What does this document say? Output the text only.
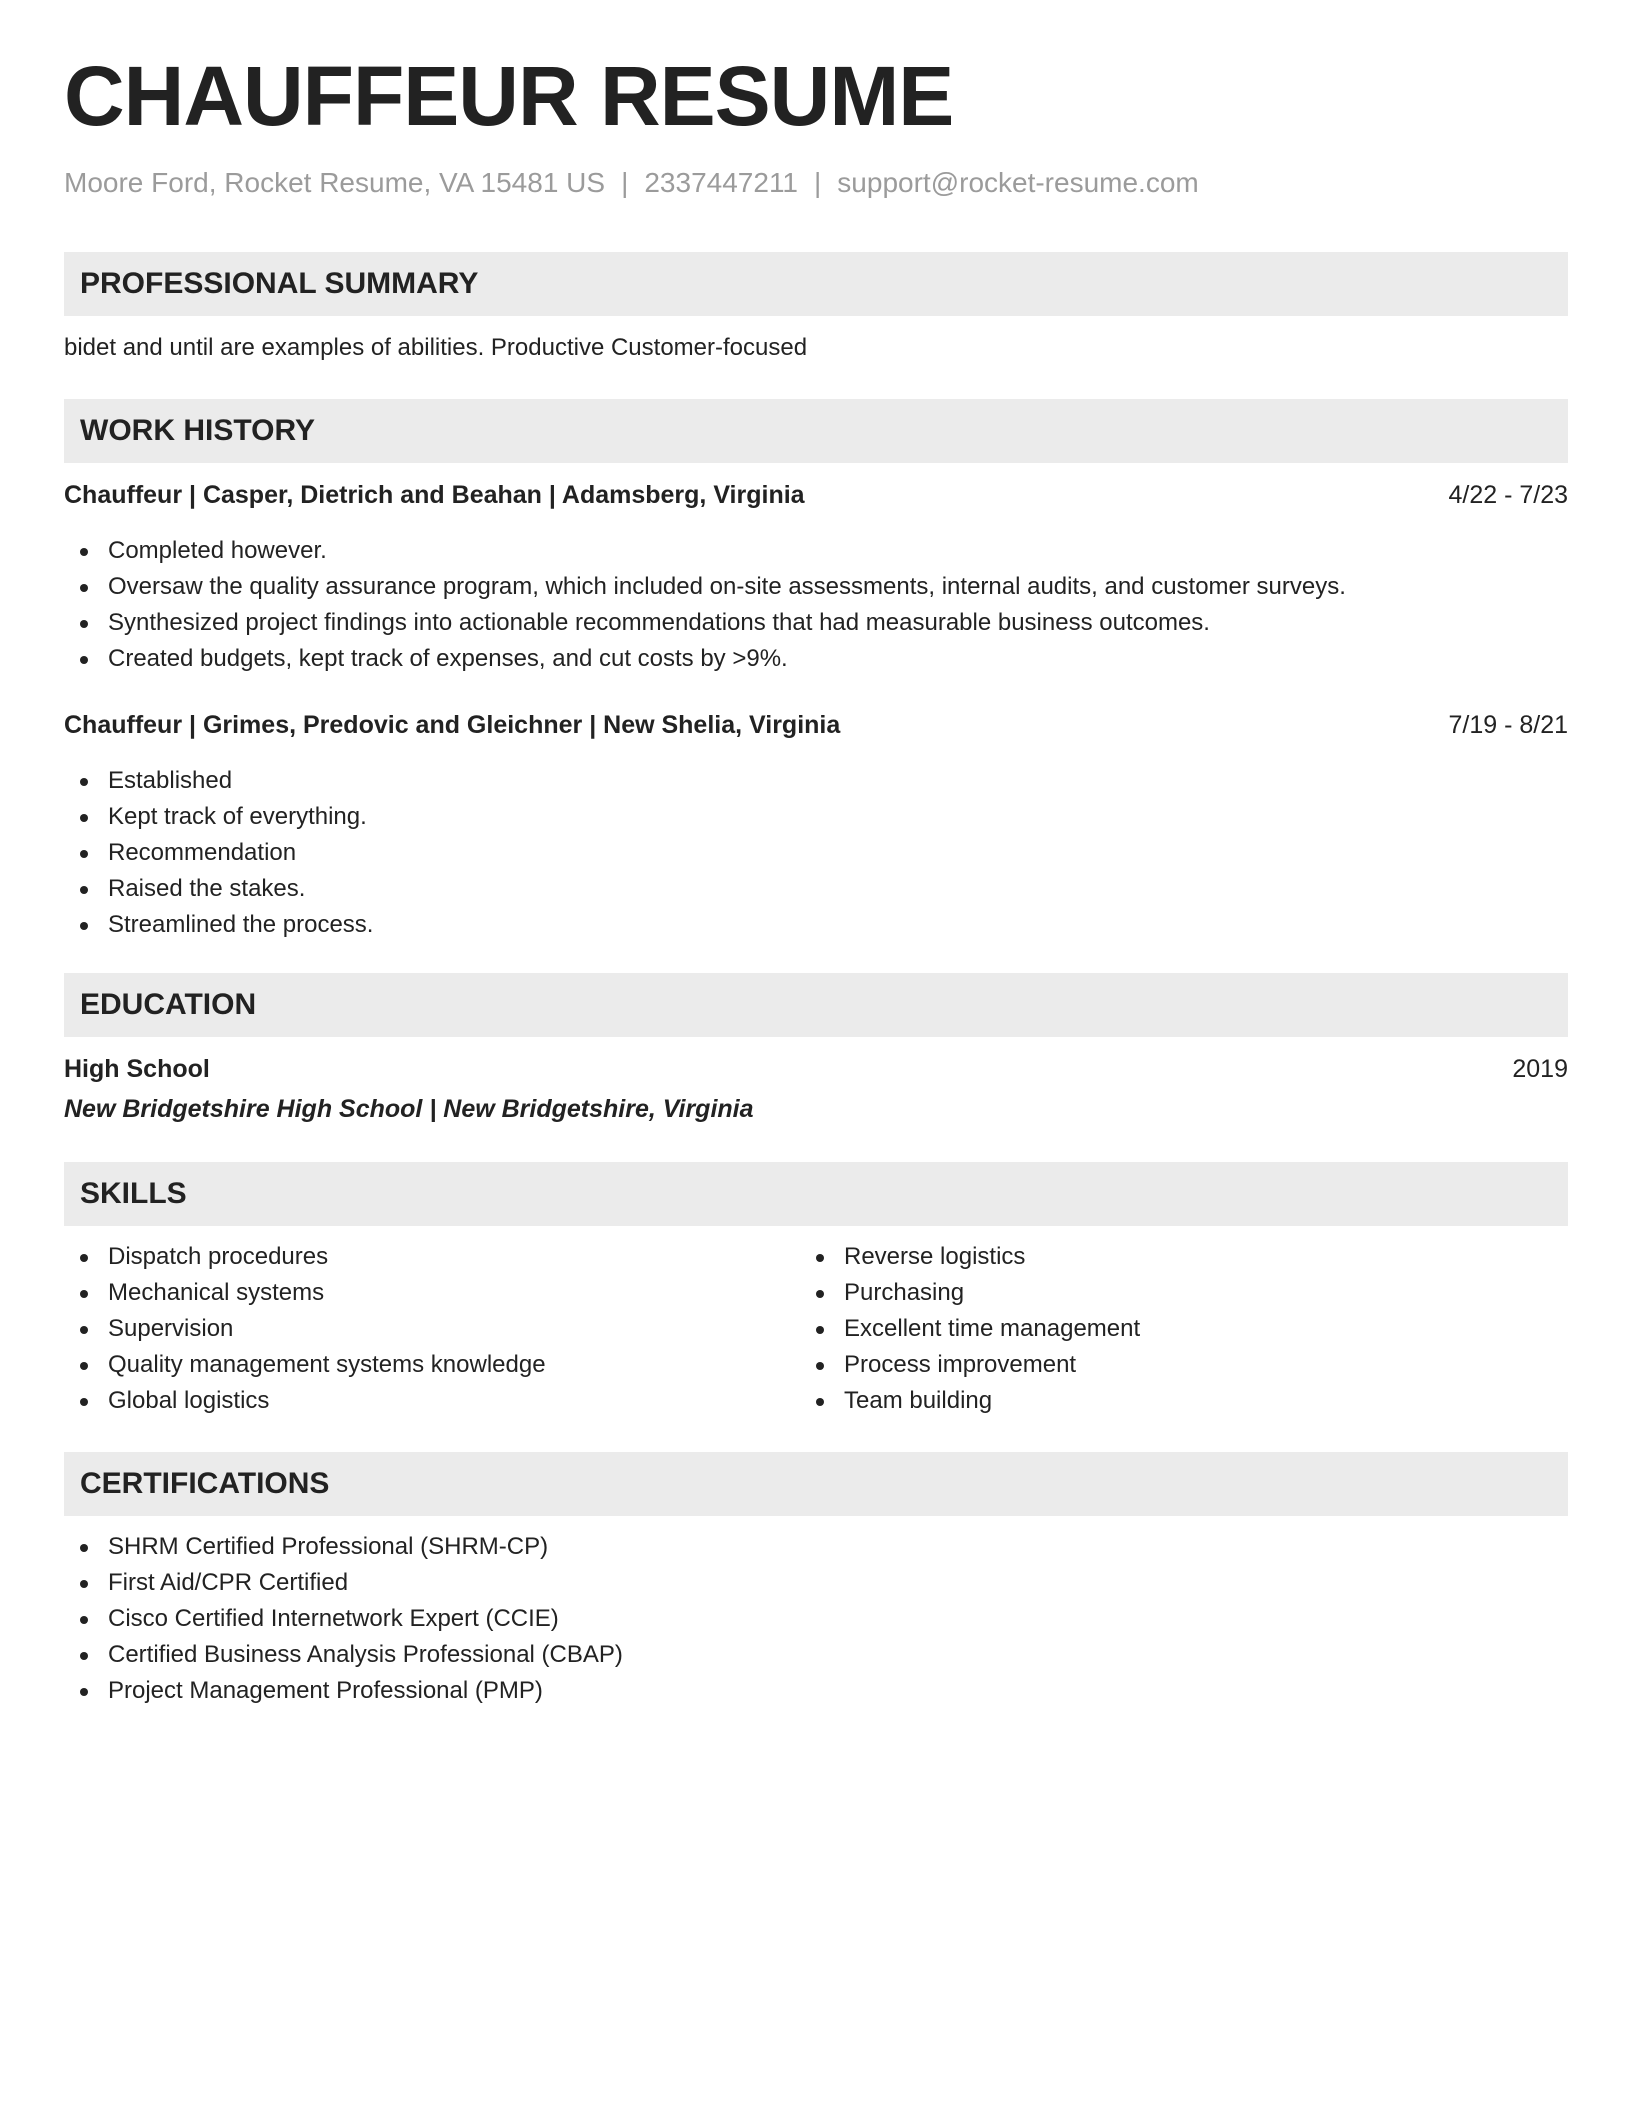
CHAUFFEUR RESUME
Moore Ford, Rocket Resume, VA 15481 US | 2337447211 | support@rocket-resume.com
PROFESSIONAL SUMMARY
bidet and until are examples of abilities. Productive Customer-focused
WORK HISTORY
Chauffeur | Casper, Dietrich and Beahan | Adamsberg, Virginia	4/22 - 7/23
Completed however.
Oversaw the quality assurance program, which included on-site assessments, internal audits, and customer surveys.
Synthesized project findings into actionable recommendations that had measurable business outcomes.
Created budgets, kept track of expenses, and cut costs by >9%.
Chauffeur | Grimes, Predovic and Gleichner | New Shelia, Virginia	7/19 - 8/21
Established
Kept track of everything.
Recommendation
Raised the stakes.
Streamlined the process.
EDUCATION
High School	2019
New Bridgetshire High School | New Bridgetshire, Virginia
SKILLS
Dispatch procedures
Mechanical systems
Supervision
Quality management systems knowledge
Global logistics
Reverse logistics
Purchasing
Excellent time management
Process improvement
Team building
CERTIFICATIONS
SHRM Certified Professional (SHRM-CP)
First Aid/CPR Certified
Cisco Certified Internetwork Expert (CCIE)
Certified Business Analysis Professional (CBAP)
Project Management Professional (PMP)
